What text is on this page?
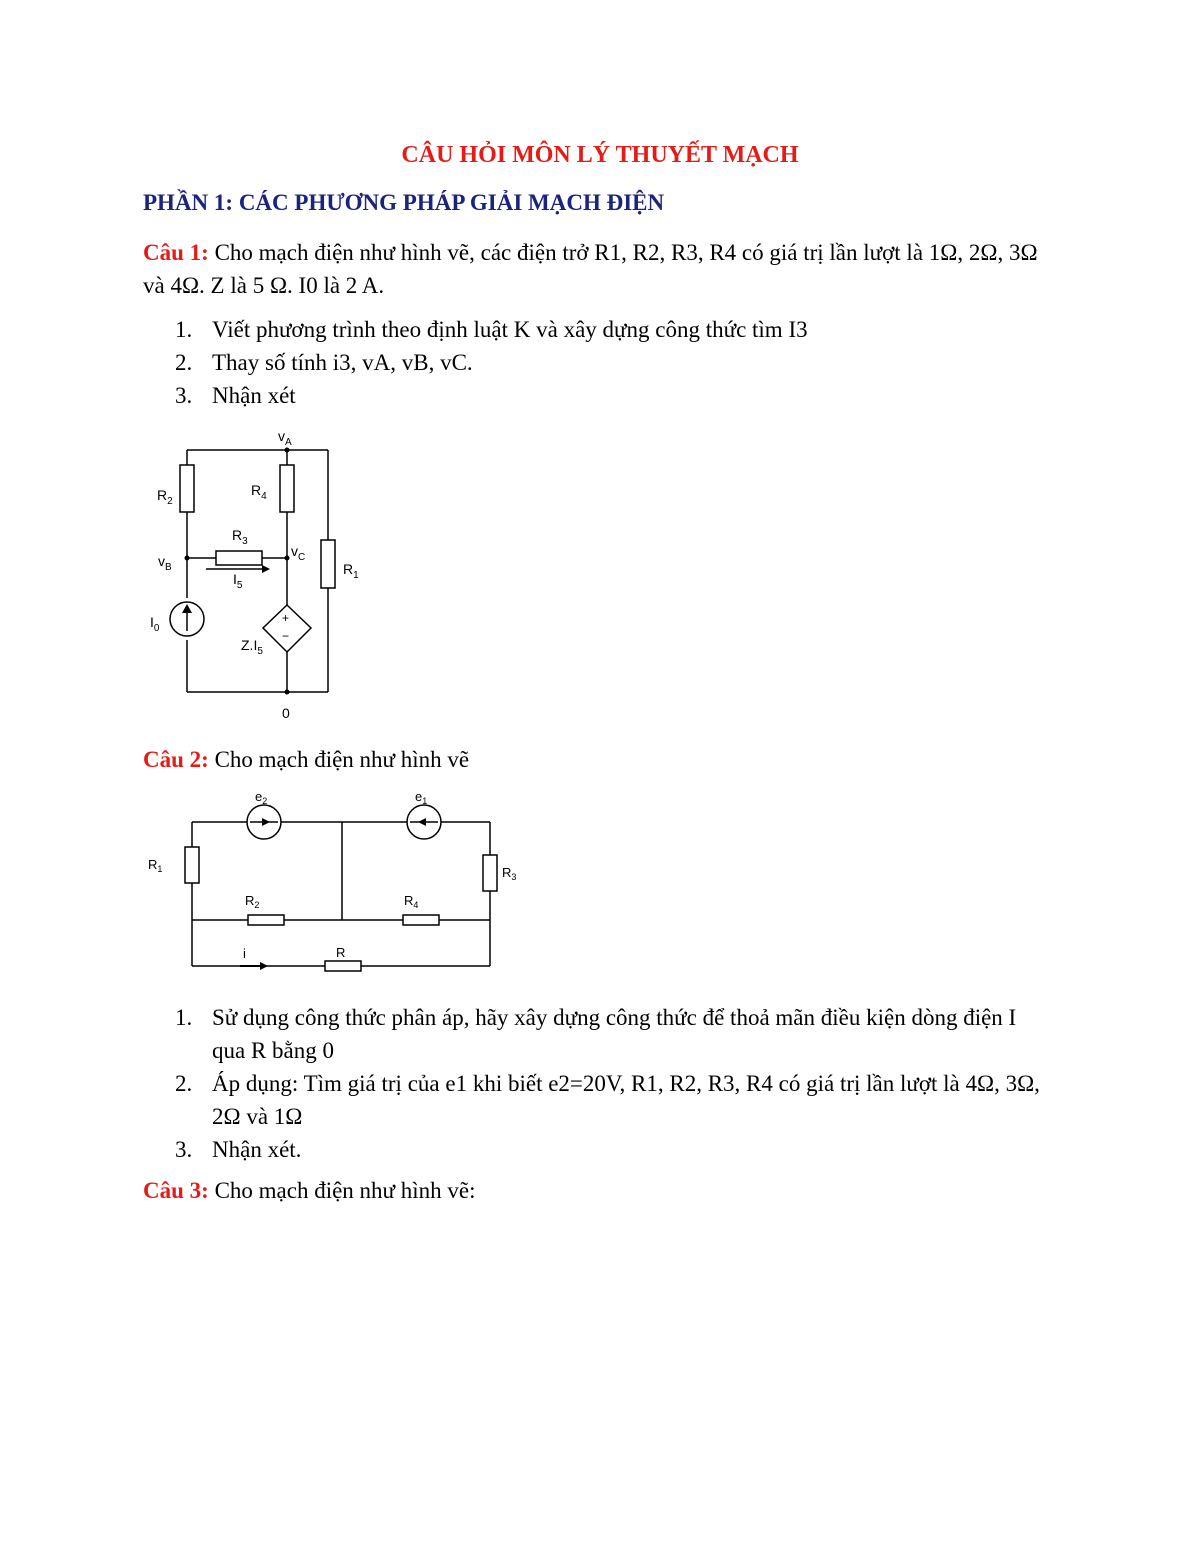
CÂU HỎI MÔN LÝ THUYẾT MẠCH
PHẦN 1: CÁC PHƯƠNG PHÁP GIẢI MẠCH ĐIỆN
Câu 1: Cho mạch điện như hình vẽ, các điện trở R1, R2, R3, R4 có giá trị lần lượt là 1Ω, 2Ω, 3Ω và 4Ω. Z là 5 Ω. I0 là 2 A.
1. Viết phương trình theo định luật K và xây dựng công thức tìm I3
2. Thay số tính i3, vA, vB, vC.
3. Nhận xét
$v_A$
$R_2$
$R_4$
$R_3$
$v_B$
$v_C$
$R_1$
$I_5$
$I_0$
$Z.I_5$
+
−
0
Câu 2: Cho mạch điện như hình vẽ
$e_2$	$e_1$
$R_1$	$R_3$
$R_2$	$R_4$
R
i
1. Sử dụng công thức phân áp, hãy xây dựng công thức để thoả mãn điều kiện dòng điện I qua R bằng 0
2. Áp dụng: Tìm giá trị của e1 khi biết e2=20V, R1, R2, R3, R4 có giá trị lần lượt là 4Ω, 3Ω, 2Ω và 1Ω
3. Nhận xét.
Câu 3: Cho mạch điện như hình vẽ:
